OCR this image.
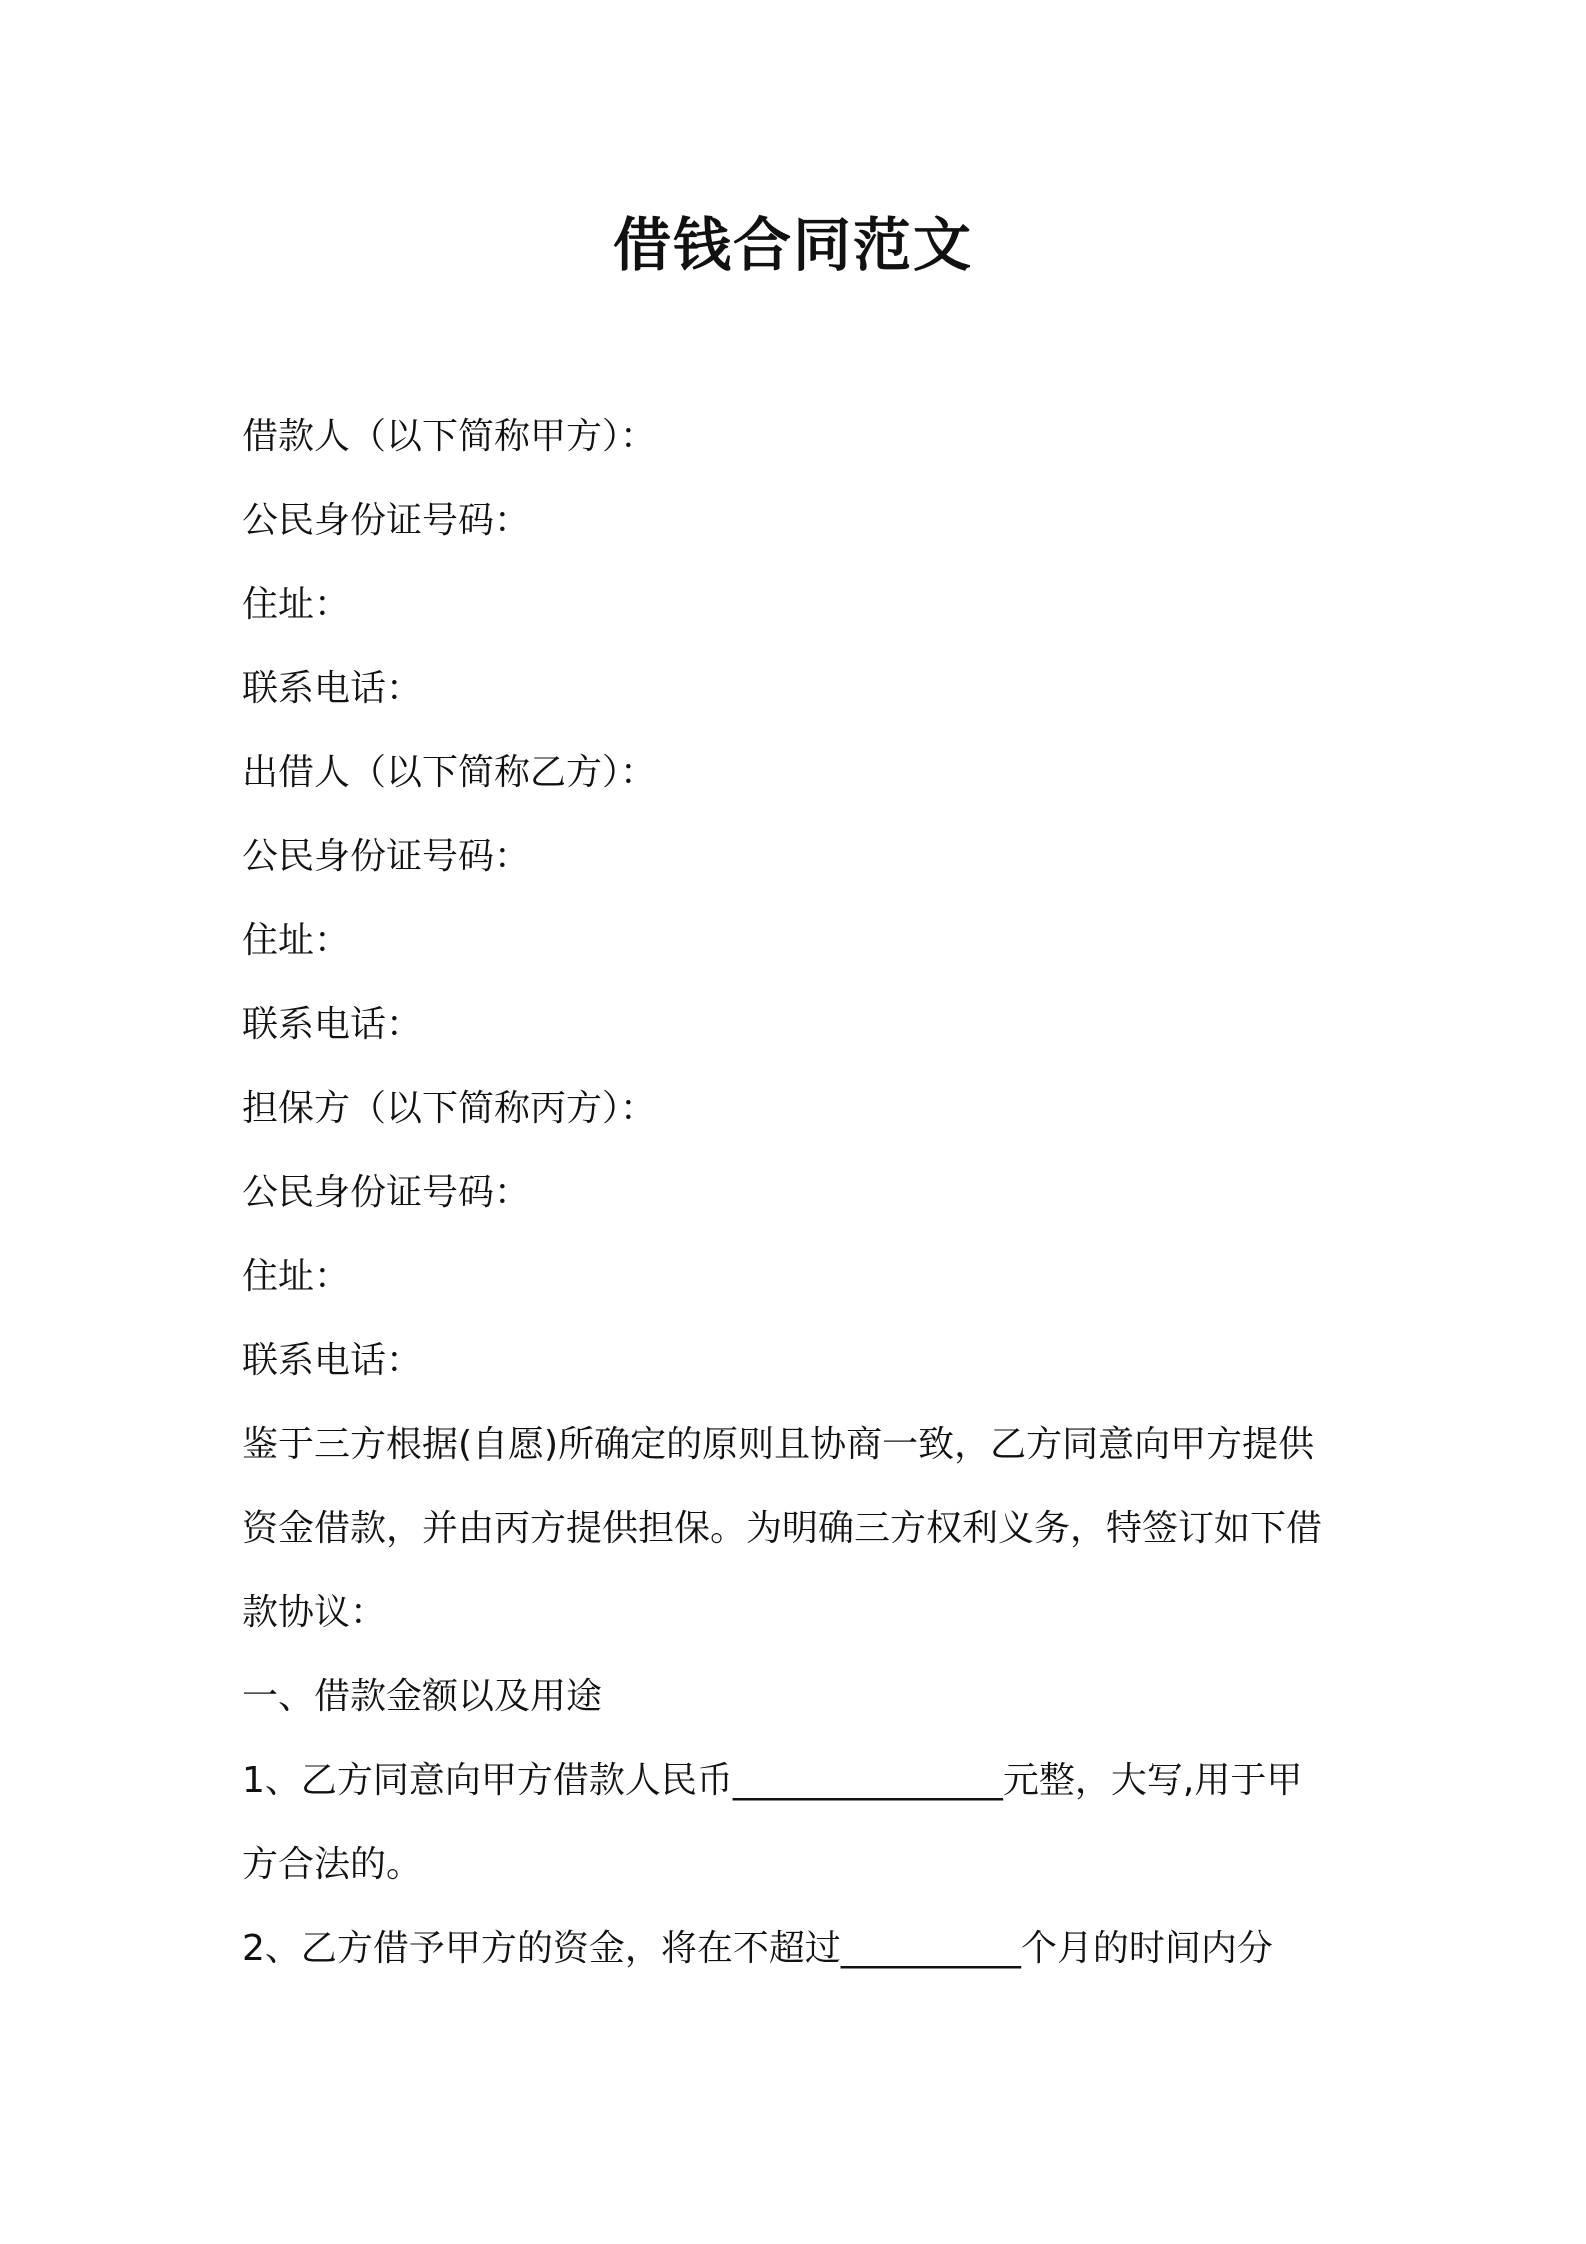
借钱合同范文
借款人（以下简称甲方）：
公民身份证号码：
住址：
联系电话：
出借人（以下简称乙方）：
公民身份证号码：
住址：
联系电话：
担保方（以下简称丙方）：
公民身份证号码：
住址：
联系电话：
鉴于三方根据(自愿)所确定的原则且协商一致，乙方同意向甲方提供
资金借款，并由丙方提供担保。为明确三方权利义务，特签订如下借
款协议：
一、借款金额以及用途
1、乙方同意向甲方借款人民币_______________元整，大写,用于甲
方合法的。
2、乙方借予甲方的资金，将在不超过__________个月的时间内分
